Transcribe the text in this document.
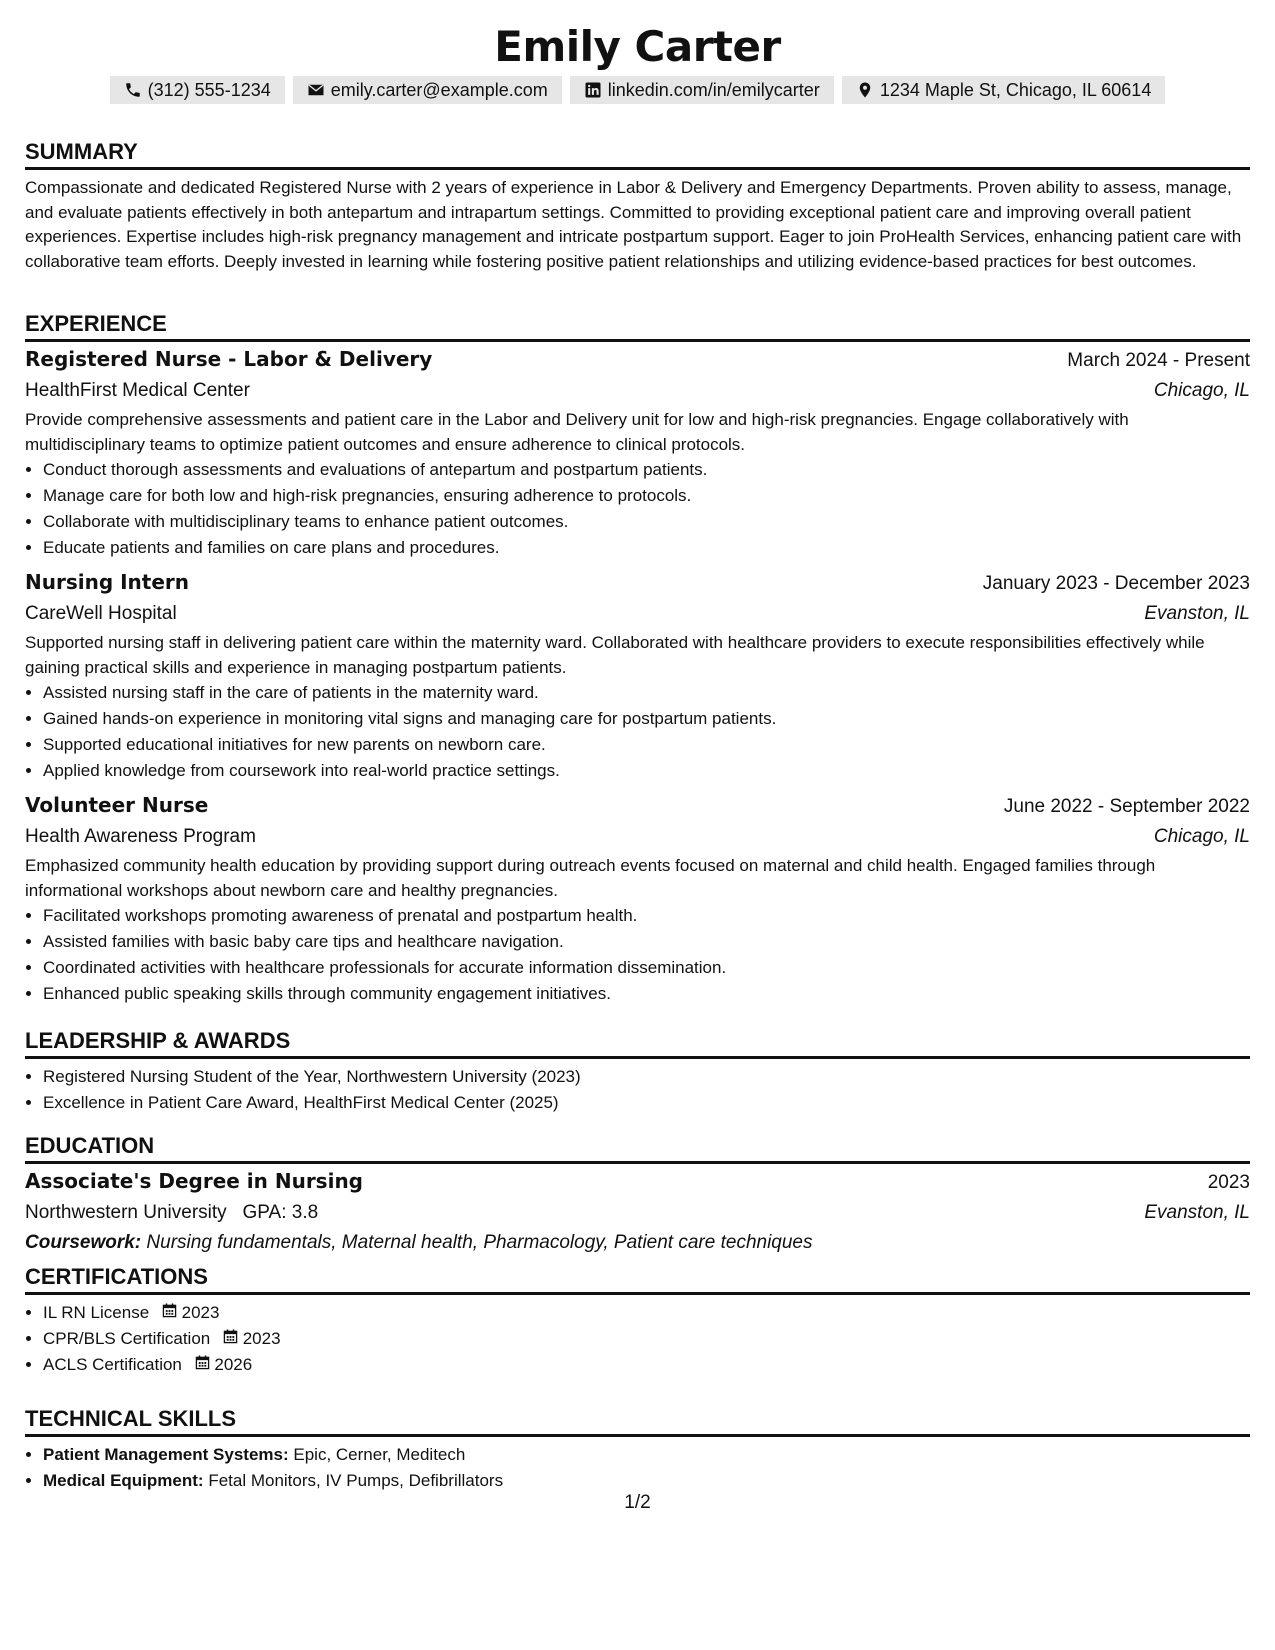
Emily Carter
(312) 555-1234	emily.carter@example.com	linkedin.com/in/emilycarter	1234 Maple St, Chicago, IL 60614
SUMMARY

Compassionate and dedicated Registered Nurse with 2 years of experience in Labor & Delivery and Emergency Departments. Proven ability to assess, manage, and evaluate patients effectively in both antepartum and intrapartum settings. Committed to providing exceptional patient care and improving overall patient experiences. Expertise includes high-risk pregnancy management and intricate postpartum support. Eager to join ProHealth Services, enhancing patient care with collaborative team efforts. Deeply invested in learning while fostering positive patient relationships and utilizing evidence-based practices for best outcomes.

EXPERIENCE
Registered Nurse - Labor & Delivery	March 2024 - Present
HealthFirst Medical Center	Chicago, IL

Provide comprehensive assessments and patient care in the Labor and Delivery unit for low and high-risk pregnancies. Engage collaboratively with multidisciplinary teams to optimize patient outcomes and ensure adherence to clinical protocols.

• Conduct thorough assessments and evaluations of antepartum and postpartum patients.
• Manage care for both low and high-risk pregnancies, ensuring adherence to protocols.
• Collaborate with multidisciplinary teams to enhance patient outcomes.
• Educate patients and families on care plans and procedures.
Nursing Intern	January 2023 - December 2023
CareWell Hospital	Evanston, IL

Supported nursing staff in delivering patient care within the maternity ward. Collaborated with healthcare providers to execute responsibilities effectively while gaining practical skills and experience in managing postpartum patients.

• Assisted nursing staff in the care of patients in the maternity ward.
• Gained hands-on experience in monitoring vital signs and managing care for postpartum patients.
• Supported educational initiatives for new parents on newborn care.
• Applied knowledge from coursework into real-world practice settings.
Volunteer Nurse	June 2022 - September 2022
Health Awareness Program	Chicago, IL

Emphasized community health education by providing support during outreach events focused on maternal and child health. Engaged families through informational workshops about newborn care and healthy pregnancies.

• Facilitated workshops promoting awareness of prenatal and postpartum health.
• Assisted families with basic baby care tips and healthcare navigation.
• Coordinated activities with healthcare professionals for accurate information dissemination.
• Enhanced public speaking skills through community engagement initiatives.
LEADERSHIP & AWARDS
• Registered Nursing Student of the Year, Northwestern University (2023)
• Excellence in Patient Care Award, HealthFirst Medical Center (2025)
EDUCATION
Associate's Degree in Nursing	2023
Northwestern University GPA: 3.8	Evanston, IL
Coursework: Nursing fundamentals, Maternal health, Pharmacology, Patient care techniques
CERTIFICATIONS
• IL RN License 2023
• CPR/BLS Certification 2023
• ACLS Certification 2026
TECHNICAL SKILLS
• Patient Management Systems: Epic, Cerner, Meditech
• Medical Equipment: Fetal Monitors, IV Pumps, Defibrillators
1/2
